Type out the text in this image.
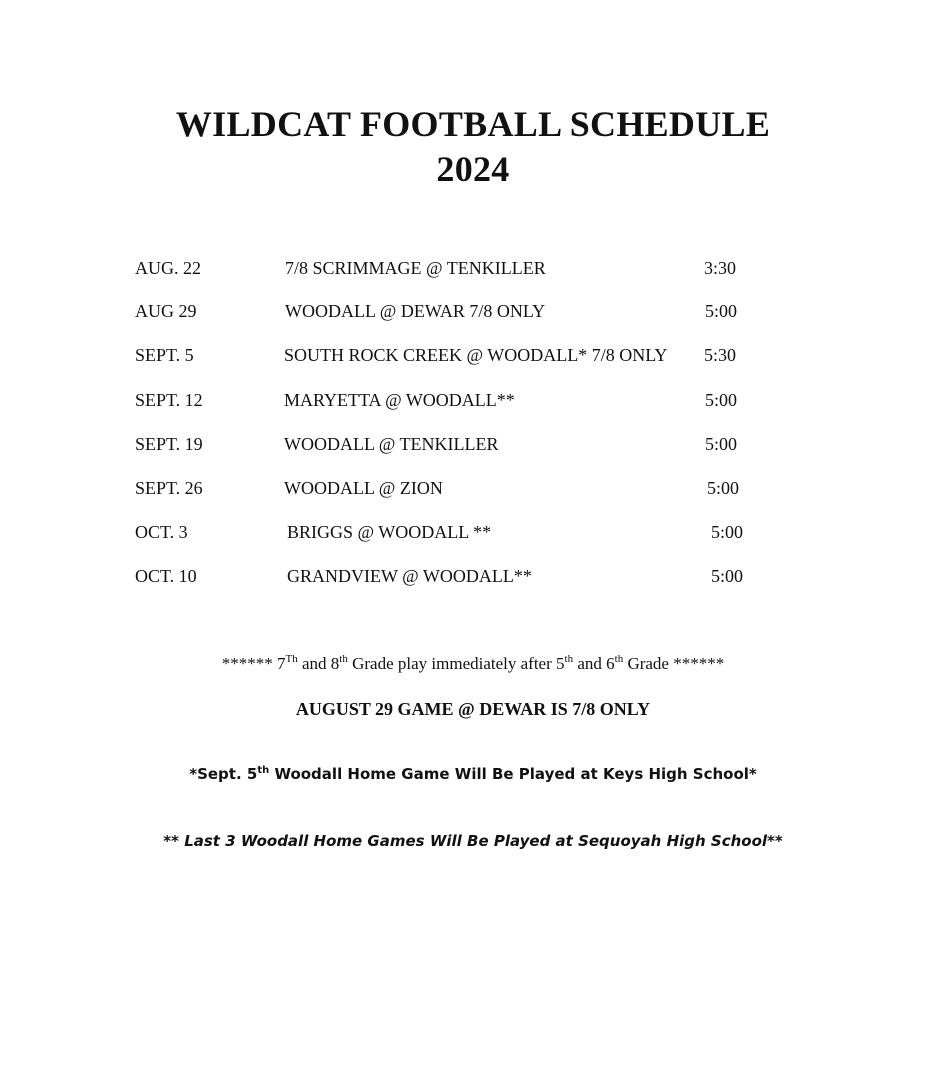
WILDCAT FOOTBALL SCHEDULE
2024
AUG. 22	7/8 SCRIMMAGE @ TENKILLER	3:30
AUG 29	WOODALL @ DEWAR 7/8 ONLY	5:00
SEPT. 5	SOUTH ROCK CREEK @ WOODALL* 7/8 ONLY 5:30
SEPT. 12	MARYETTA @ WOODALL**	5:00
SEPT. 19	WOODALL @ TENKILLER	5:00
SEPT. 26	WOODALL @ ZION	5:00
OCT. 3	BRIGGS @ WOODALL **	5:00
OCT. 10	GRANDVIEW @ WOODALL**	5:00

****** 7Th and 8th Grade play immediately after 5th and 6th Grade ******

AUGUST 29 GAME @ DEWAR IS 7/8 ONLY

*Sept. 5th Woodall Home Game Will Be Played at Keys High School*

** Last 3 Woodall Home Games Will Be Played at Sequoyah High School**
